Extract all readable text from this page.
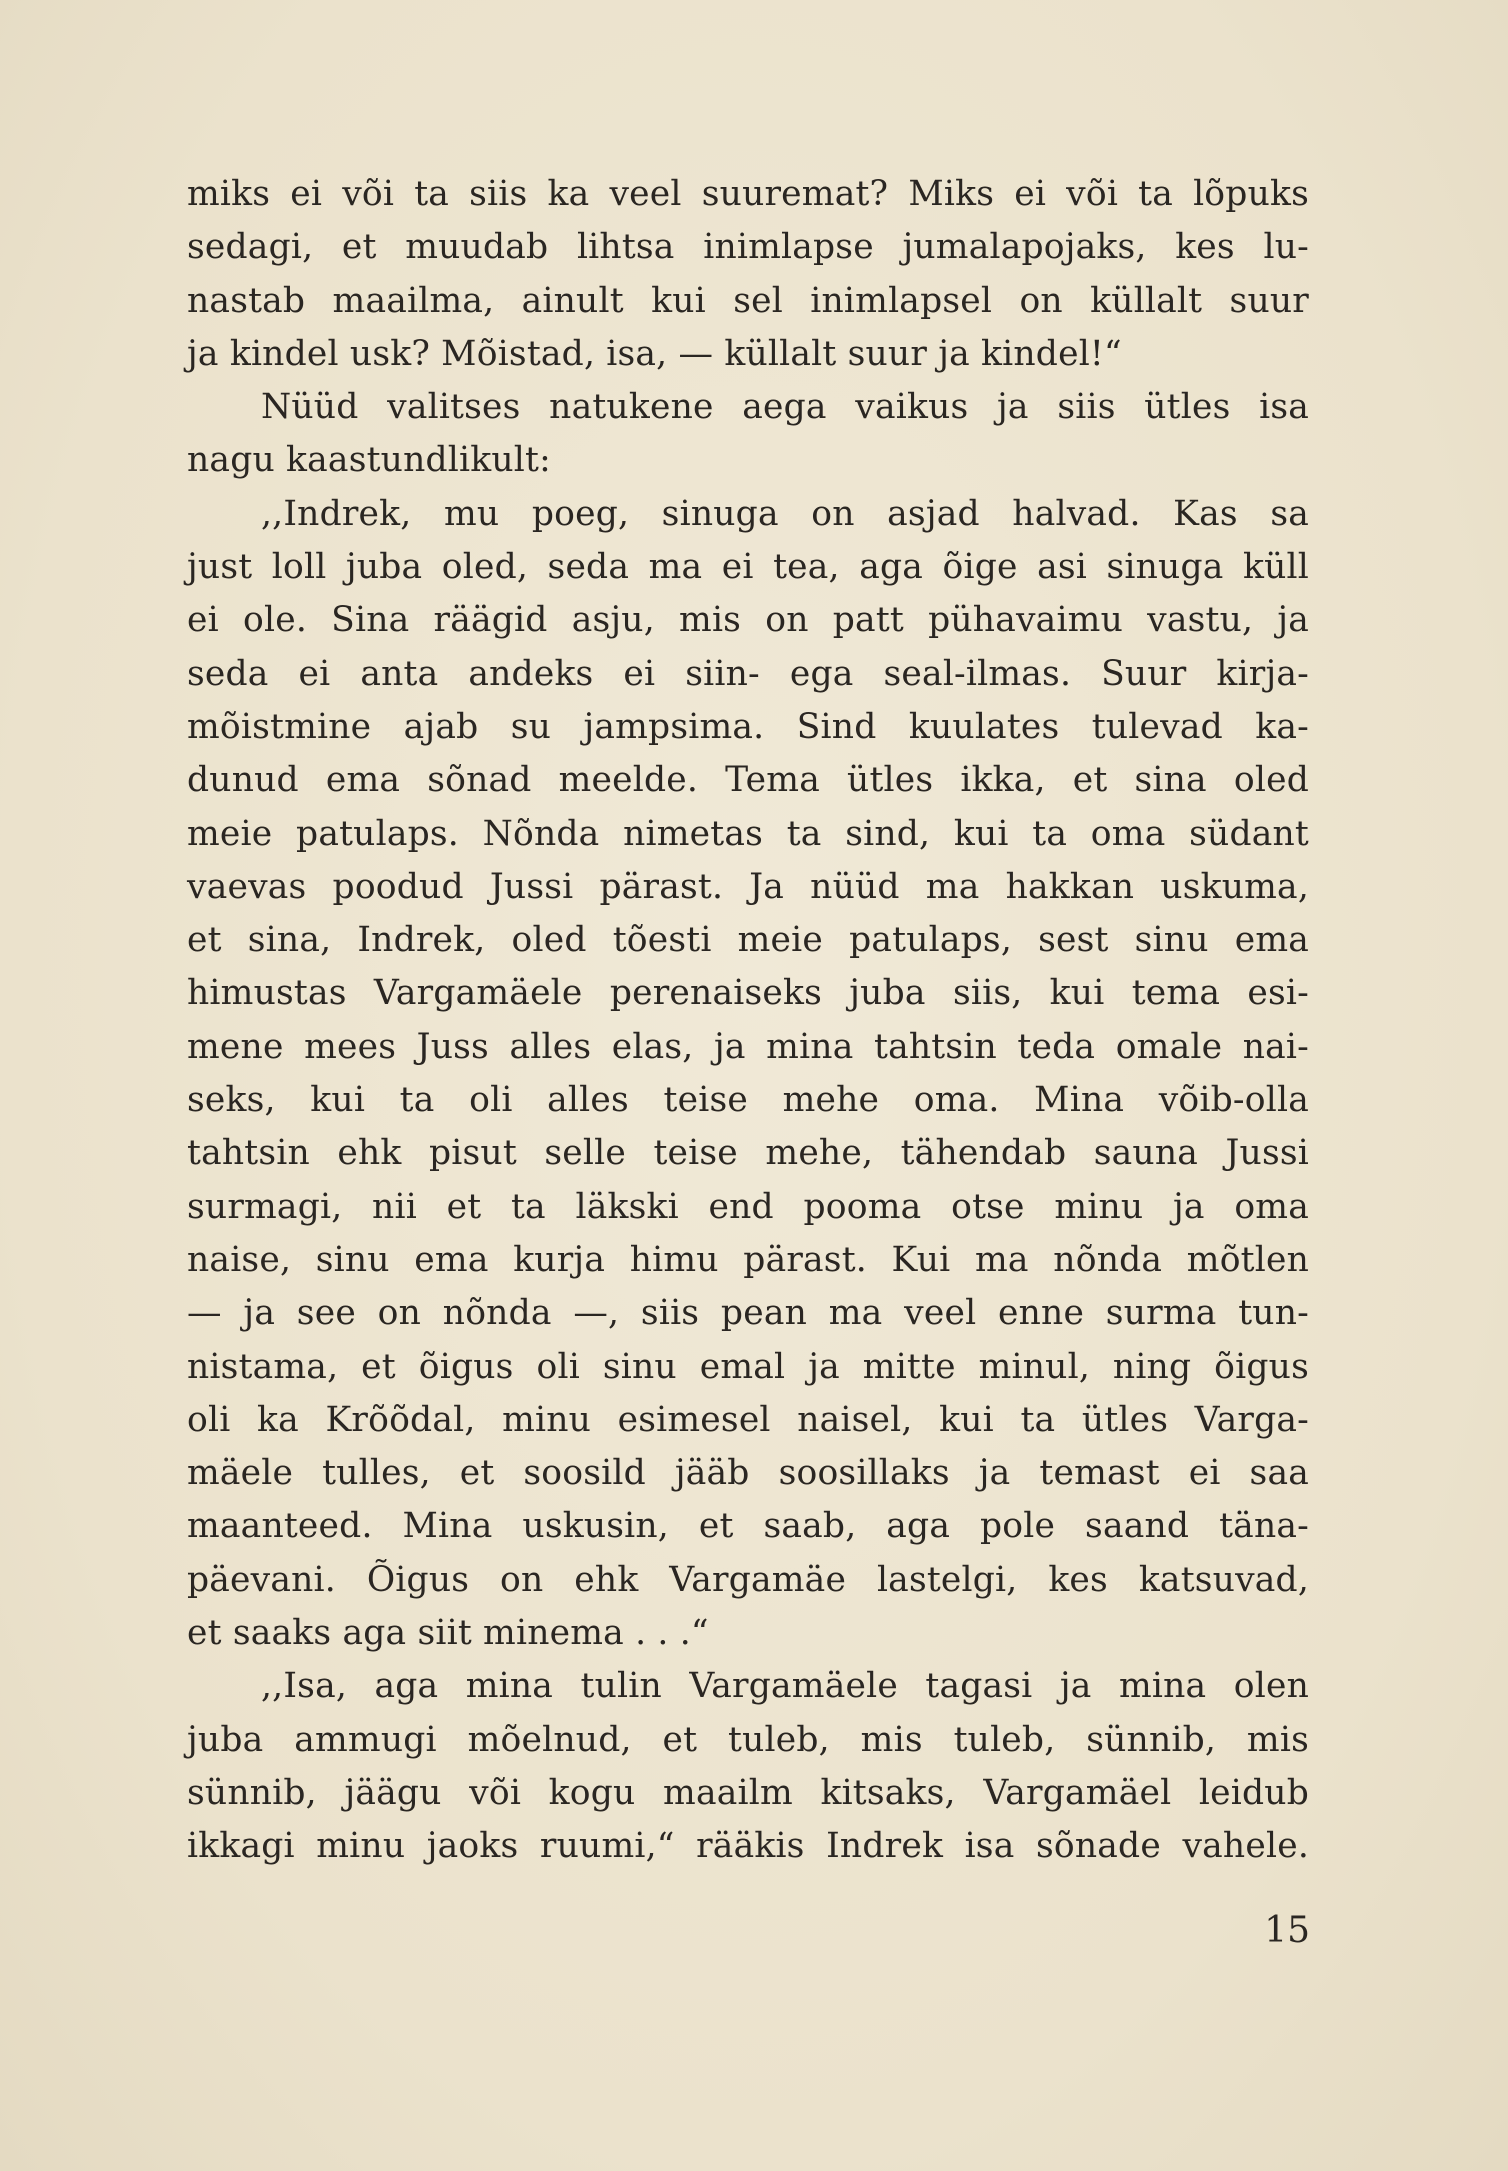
miks ei või ta siis ka veel suuremat? Miks ei või ta lõpuks
sedagi, et muudab lihtsa inimlapse jumalapojaks, kes lu-
nastab maailma, ainult kui sel inimlapsel on küllalt suur
ja kindel usk? Mõistad, isa, — küllalt suur ja kindel!“
Nüüd valitses natukene aega vaikus ja siis ütles isa
nagu kaastundlikult:
,,Indrek, mu poeg, sinuga on asjad halvad. Kas sa
just loll juba oled, seda ma ei tea, aga õige asi sinuga küll
ei ole. Sina räägid asju, mis on patt pühavaimu vastu, ja
seda ei anta andeks ei siin- ega seal-ilmas. Suur kirja-
mõistmine ajab su jampsima. Sind kuulates tulevad ka-
dunud ema sõnad meelde. Tema ütles ikka, et sina oled
meie patulaps. Nõnda nimetas ta sind, kui ta oma südant
vaevas poodud Jussi pärast. Ja nüüd ma hakkan uskuma,
et sina, Indrek, oled tõesti meie patulaps, sest sinu ema
himustas Vargamäele perenaiseks juba siis, kui tema esi-
mene mees Juss alles elas, ja mina tahtsin teda omale nai-
seks, kui ta oli alles teise mehe oma. Mina võib-olla
tahtsin ehk pisut selle teise mehe, tähendab sauna Jussi
surmagi, nii et ta läkski end pooma otse minu ja oma
naise, sinu ema kurja himu pärast. Kui ma nõnda mõtlen
— ja see on nõnda —, siis pean ma veel enne surma tun-
nistama, et õigus oli sinu emal ja mitte minul, ning õigus
oli ka Krõõdal, minu esimesel naisel, kui ta ütles Varga-
mäele tulles, et soosild jääb soosillaks ja temast ei saa
maanteed. Mina uskusin, et saab, aga pole saand täna-
päevani. Õigus on ehk Vargamäe lastelgi, kes katsuvad,
et saaks aga siit minema . . .“
,,Isa, aga mina tulin Vargamäele tagasi ja mina olen
juba ammugi mõelnud, et tuleb, mis tuleb, sünnib, mis
sünnib, jäägu või kogu maailm kitsaks, Vargamäel leidub
ikkagi minu jaoks ruumi,“ rääkis Indrek isa sõnade vahele.
15
